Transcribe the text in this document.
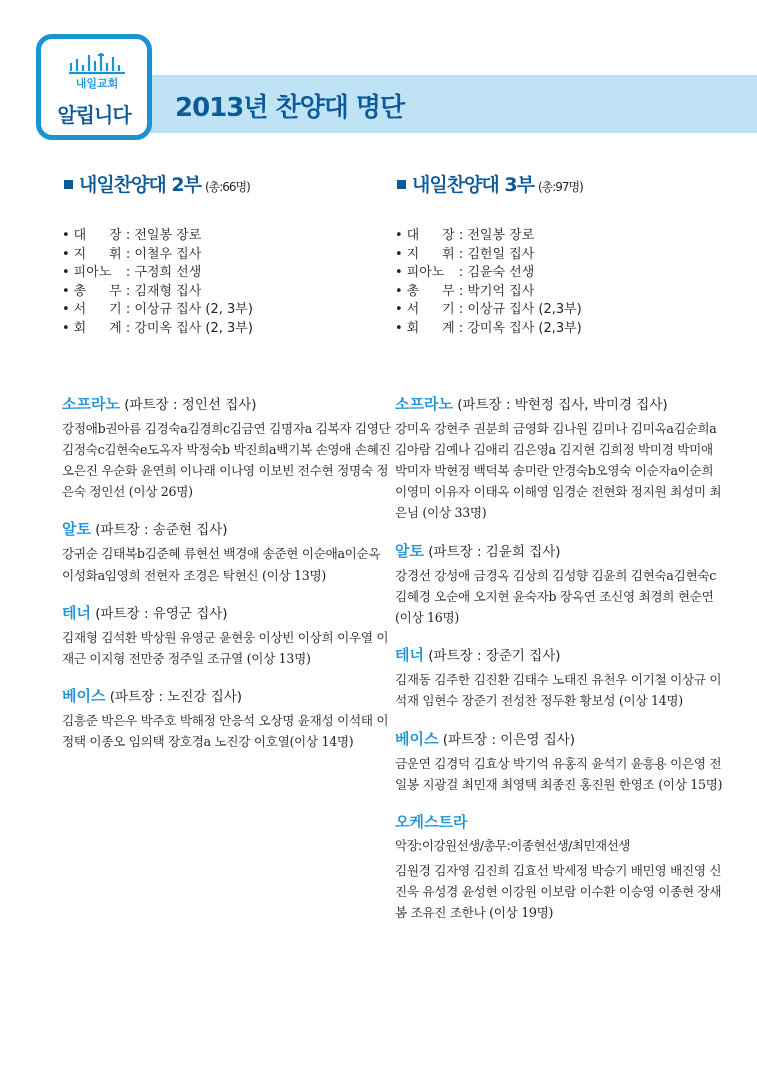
2013년 찬양대 명단
내일교회
알립니다
내일찬양대 2부 (총:66명)
• 대 장 : 전일봉 장로
• 지 휘 : 이철우 집사
• 피아노 : 구정희 선생
• 총 무 : 김재형 집사
• 서 기 : 이상규 집사 (2, 3부)
• 회 계 : 강미옥 집사 (2, 3부)
소프라노 (파트장 : 정인선 집사)

강정애b권아름 김경숙a김경희c김금연 김명자a 김복자 김영단 김정숙c김현숙e도옥자 박정숙b 박진희a백기복 손영애 손혜진 오은진 우순화 윤연희 이나래 이나영 이보빈 전수현 정명숙 정은숙 정인선 (이상 26명)

알토 (파트장 : 송준현 집사)

강귀순 김태복b김준혜 류현선 백경애 송준현 이순애a이순옥 이성화a임영희 전현자 조경은 탁현신 (이상 13명)

테너 (파트장 : 유영군 집사)

김재형 김석환 박상원 유영군 윤현웅 이상빈 이상희 이우열 이재근 이지형 전만중 정주일 조규열 (이상 13명)

베이스 (파트장 : 노진강 집사)

김흥준 박은우 박주호 박해정 안응석 오상명 윤재성 이석태 이정택 이종오 임의택 장호경a 노진강 이호열(이상 14명)

내일찬양대 3부 (총:97명)
• 대 장 : 전일봉 장로
• 지 휘 : 김헌일 집사
• 피아노 : 김윤숙 선생
• 총 무 : 박기억 집사
• 서 기 : 이상규 집사 (2,3부)
• 회 계 : 강미옥 집사 (2,3부)
소프라노 (파트장 : 박현정 집사, 박미경 집사)

강미옥 강현주 권분희 금영화 김나원 김미나 김미옥a김순희a김아람 김예나 김애리 김은영a 김지현 김희정 박미경 박미애 박미자 박현정 백덕복 송미란 안경숙b오영숙 이순자a이순희 이영미 이유자 이태옥 이해영 임경순 전현화 정지원 최성미 최은님 (이상 33명)

알토 (파트장 : 김윤희 집사)

강경선 강성애 금경옥 김상희 김성향 김윤희 김현숙a김현숙c김혜경 오순애 오지현 윤숙자b 장옥연 조신영 최경희 현순연 (이상 16명)

테너 (파트장 : 장준기 집사)

김재동 김주한 김진환 김태수 노태진 유천우 이기철 이상규 이석재 임현수 장준기 전성찬 정두환 황보성 (이상 14명)

베이스 (파트장 : 이은영 집사)

금운연 김경덕 김효상 박기억 유홍직 윤석기 윤흥용 이은영 전일봉 지광걸 최민재 최영택 최종진 홍진원 한영조 (이상 15명)

오케스트라
악장:이강원선생/총무:이종현선생/최민재선생

김원경 김자영 김진희 김효선 박세정 박승기 배민영 배진영 신진욱 유성경 윤성현 이강원 이보람 이수환 이승영 이종현 장새봄 조유진 조한나 (이상 19명)
